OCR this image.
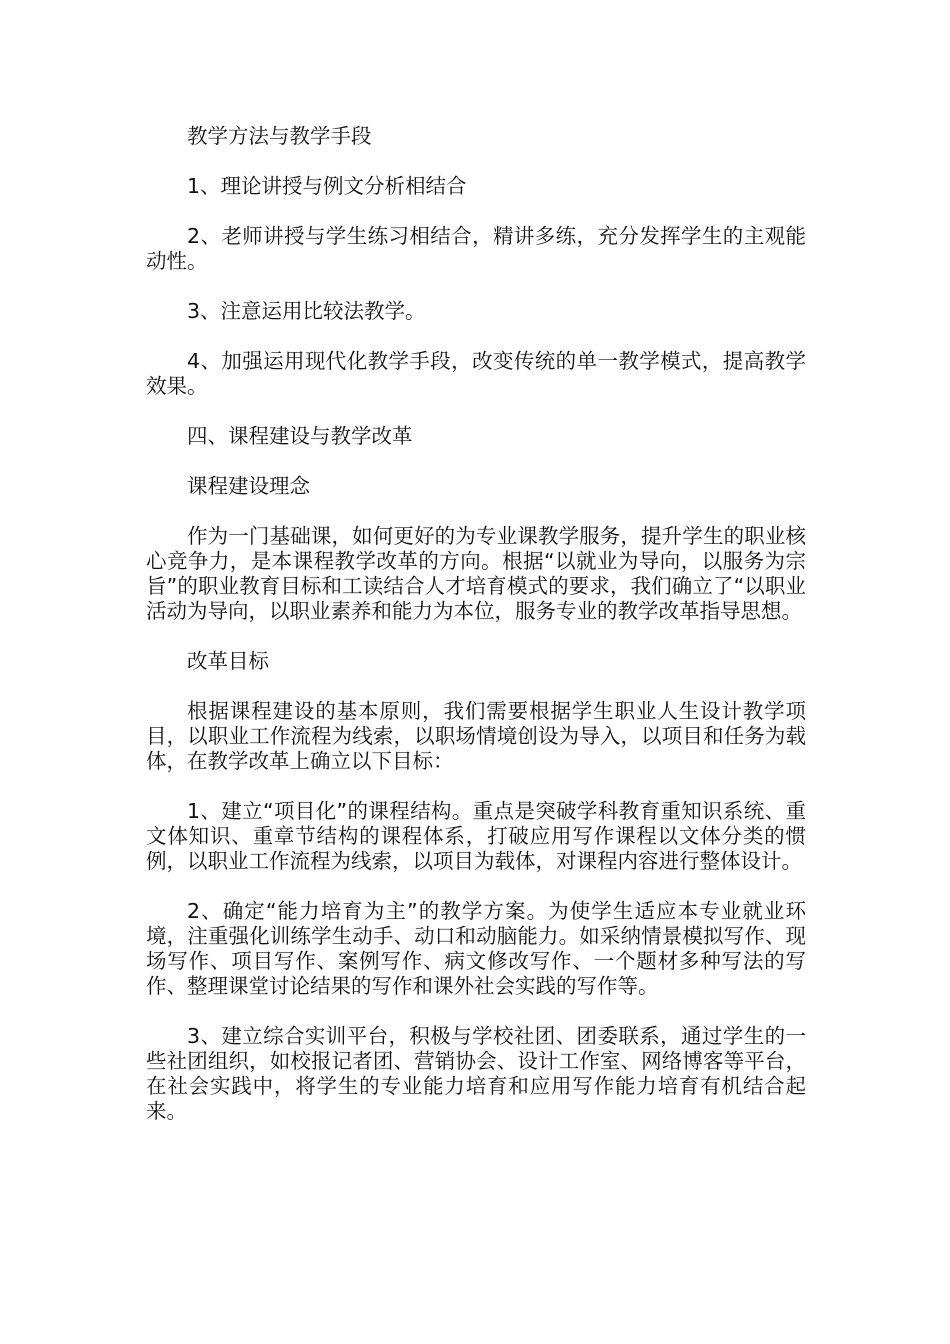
教学方法与教学手段

1、理论讲授与例文分析相结合

2、老师讲授与学生练习相结合，精讲多练，充分发挥学生的主观能动性。

3、注意运用比较法教学。

4、加强运用现代化教学手段，改变传统的单一教学模式，提高教学效果。

四、课程建设与教学改革

课程建设理念

作为一门基础课，如何更好的为专业课教学服务，提升学生的职业核心竞争力，是本课程教学改革的方向。根据“以就业为导向，以服务为宗旨”的职业教育目标和工读结合人才培育模式的要求，我们确立了“以职业活动为导向，以职业素养和能力为本位，服务专业的教学改革指导思想。

改革目标

根据课程建设的基本原则，我们需要根据学生职业人生设计教学项目，以职业工作流程为线索，以职场情境创设为导入，以项目和任务为载体，在教学改革上确立以下目标：

1、建立“项目化”的课程结构。重点是突破学科教育重知识系统、重文体知识、重章节结构的课程体系，打破应用写作课程以文体分类的惯例，以职业工作流程为线索，以项目为载体，对课程内容进行整体设计。

2、确定“能力培育为主”的教学方案。为使学生适应本专业就业环境，注重强化训练学生动手、动口和动脑能力。如采纳情景模拟写作、现场写作、项目写作、案例写作、病文修改写作、一个题材多种写法的写作、整理课堂讨论结果的写作和课外社会实践的写作等。

3、建立综合实训平台，积极与学校社团、团委联系，通过学生的一些社团组织，如校报记者团、营销协会、设计工作室、网络博客等平台，在社会实践中，将学生的专业能力培育和应用写作能力培育有机结合起来。
